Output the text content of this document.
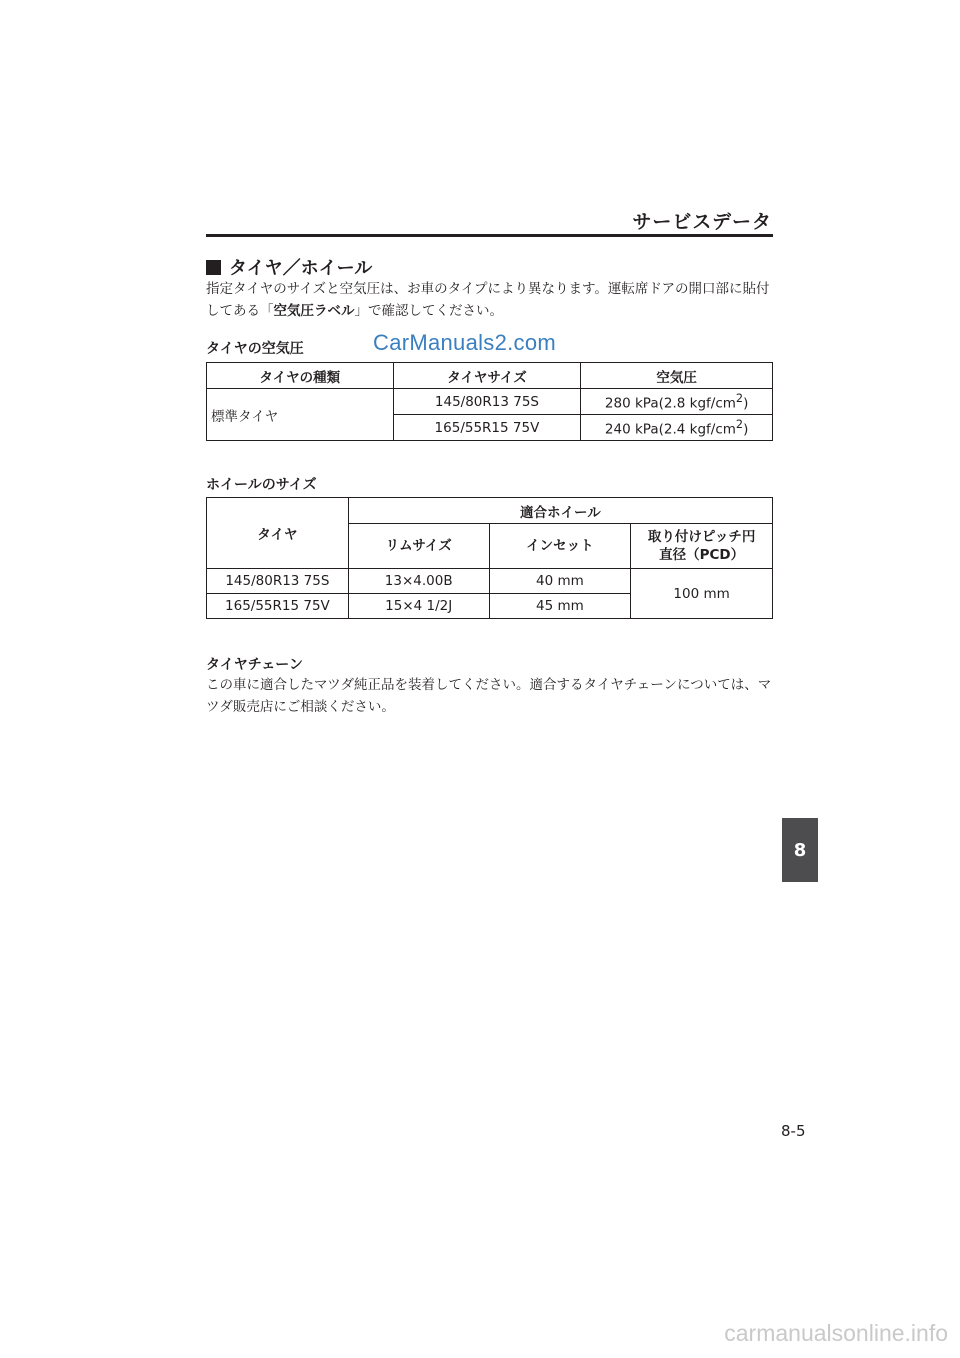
サービスデータ
タイヤ／ホイール
指定タイヤのサイズと空気圧は、お車のタイプにより異なります。運転席ドアの開口部に貼付してある「空気圧ラベル」で確認してください。
タイヤの空気圧	CarManuals2.com
タイヤの種類	タイヤサイズ	空気圧
標準タイヤ	145/80R13 75S	280 kPa(2.8 kgf/$cm^2$)
	165/55R15 75V	240 kPa(2.4 kgf/$cm^2$)
ホイールのサイズ
タイヤ	適合ホイール		
	リムサイズ	インセット	取り付けピッチ円
直径（PCD）
145/80R13 75S	13×4.00B	40 mm	100 mm
165/55R15 75V	15×4 1/2J	45 mm	
タイヤチェーン
この車に適合したマツダ純正品を装着してください。適合するタイヤチェーンについては、マツダ販売店にご相談ください。
8
8-5
carmanualsonline.info
